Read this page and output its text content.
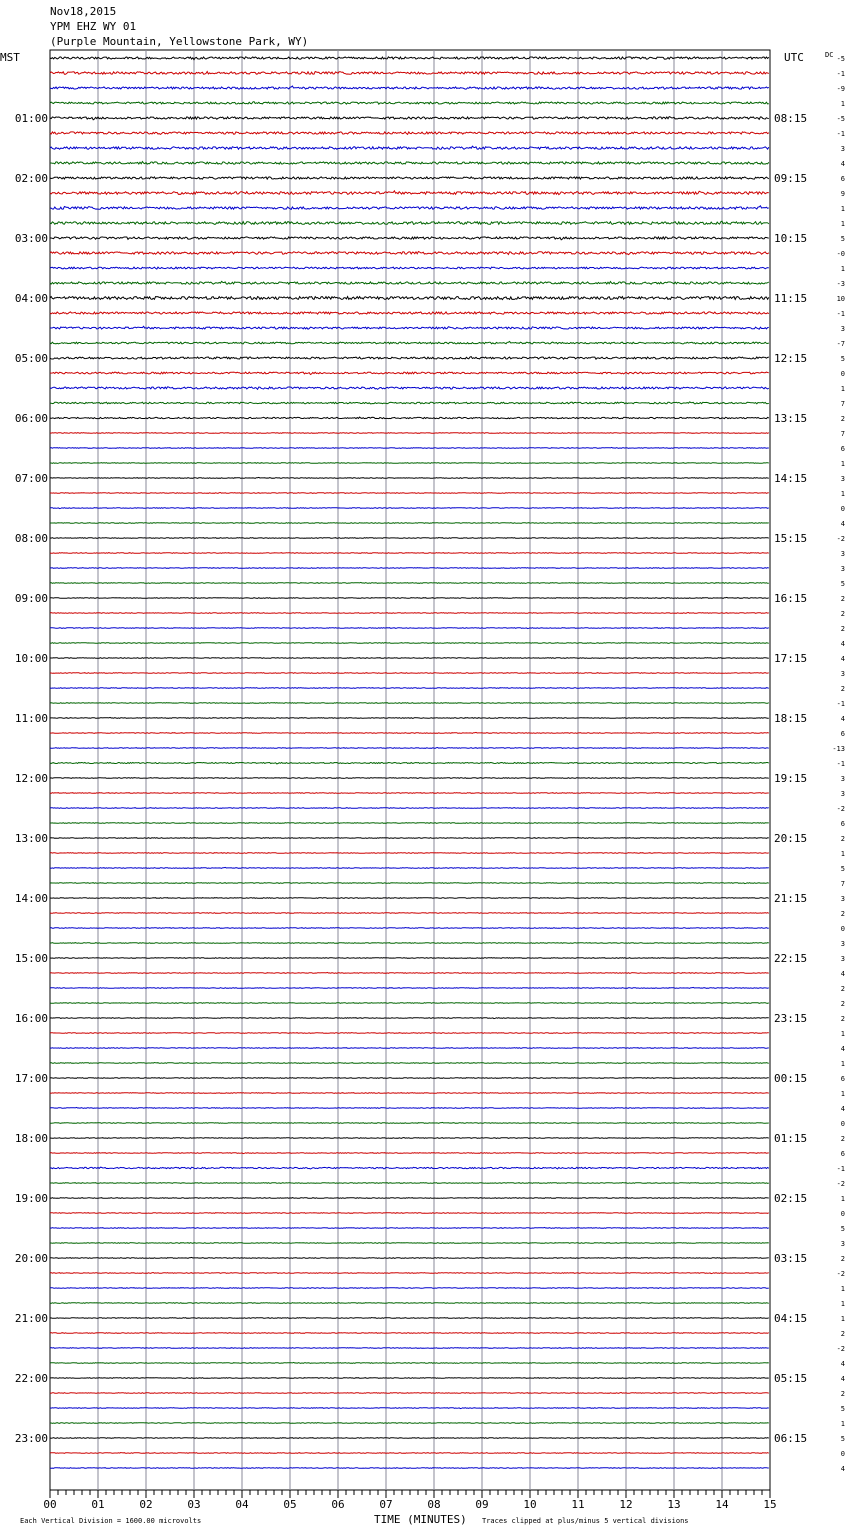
Nov18,2015
YPM EHZ WY 01
(Purple Mountain, Yellowstone Park, WY)
00	01	02	03	04	05	06	07	08	09	10	11	12	13	14	15
-5
-1
-9
1
-5
-1
3
4
6
9
1
1
5
-0
1
-3
10
-1
3
-7
5
0
1
7
2
7
6
1
3
1
0
4
-2
3
3
5
2
2
2
4
4
3
2
-1
4
6
-13
-1
3
3
-2
6
2
1
5
7
3
2
0
3
3
4
2
2
2
1
4
1
6
1
4
0
2
6
-1
-2
1
0
5
3
2
-2
1
1
1
2
-2
4
4
2
5
1
5
0
4
01:00	08:15
02:00	09:15
03:00	10:15
04:00	11:15
05:00	12:15
06:00	13:15
07:00	14:15
08:00	15:15
09:00	16:15
10:00	17:15
11:00	18:15
12:00	19:15
13:00	20:15
14:00	21:15
15:00	22:15
16:00	23:15
17:00	00:15
18:00	01:15
19:00	02:15
20:00	03:15
21:00	04:15
22:00	05:15
23:00	06:15
MST	UTC	DC
Each Vertical Division = 1600.00 microvolts	TIME (MINUTES) Traces clipped at plus/minus 5 vertical divisions
